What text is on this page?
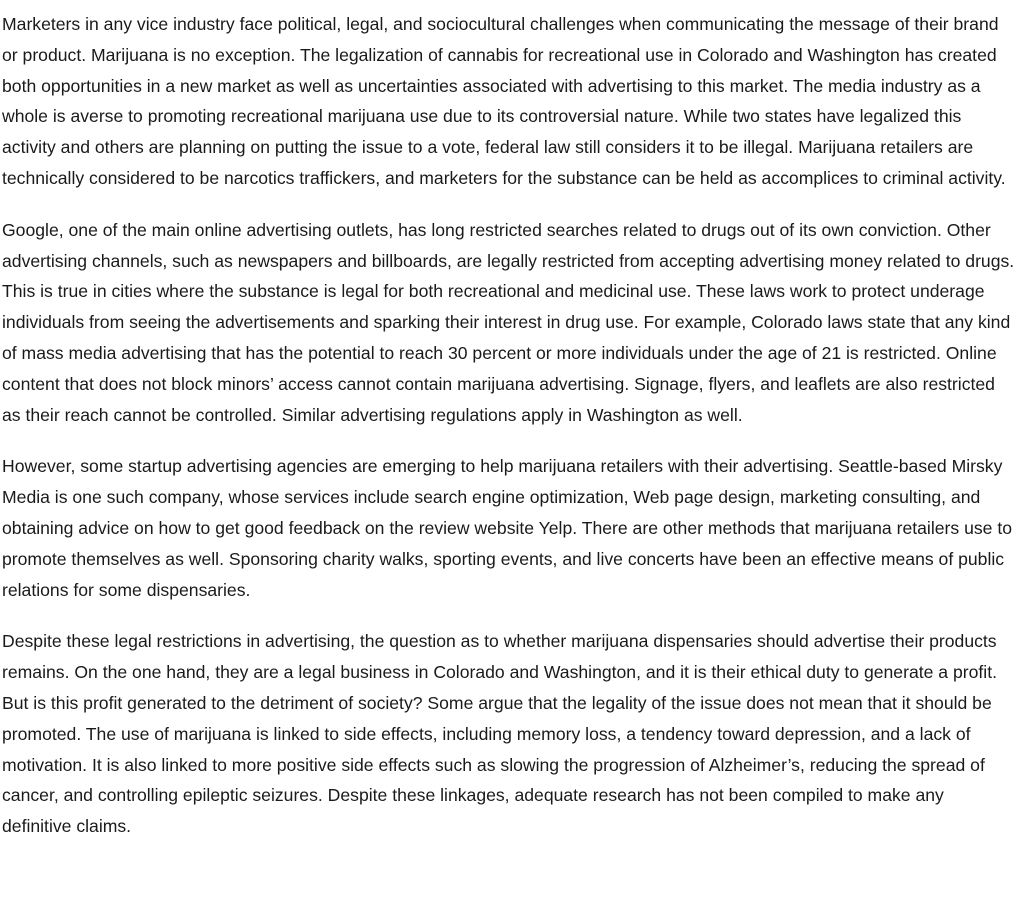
Marketers in any vice industry face political, legal, and sociocultural challenges when communicating the message of their brand or product. Marijuana is no exception. The legalization of cannabis for recreational use in Colorado and Washington has created both opportunities in a new market as well as uncertainties associated with advertising to this market. The media industry as a whole is averse to promoting recreational marijuana use due to its controversial nature. While two states have legalized this activity and others are planning on putting the issue to a vote, federal law still considers it to be illegal. Marijuana retailers are technically considered to be narcotics traffickers, and marketers for the substance can be held as accomplices to criminal activity.

Google, one of the main online advertising outlets, has long restricted searches related to drugs out of its own conviction. Other advertising channels, such as newspapers and billboards, are legally restricted from accepting advertising money related to drugs. This is true in cities where the substance is legal for both recreational and medicinal use. These laws work to protect underage individuals from seeing the advertisements and sparking their interest in drug use. For example, Colorado laws state that any kind of mass media advertising that has the potential to reach 30 percent or more individuals under the age of 21 is restricted. Online content that does not block minors’ access cannot contain marijuana advertising. Signage, flyers, and leaflets are also restricted as their reach cannot be controlled. Similar advertising regulations apply in Washington as well.

However, some startup advertising agencies are emerging to help marijuana retailers with their advertising. Seattle-based Mirsky Media is one such company, whose services include search engine optimization, Web page design, marketing consulting, and obtaining advice on how to get good feedback on the review website Yelp. There are other methods that marijuana retailers use to promote themselves as well. Sponsoring charity walks, sporting events, and live concerts have been an effective means of public relations for some dispensaries.

Despite these legal restrictions in advertising, the question as to whether marijuana dispensaries should advertise their products remains. On the one hand, they are a legal business in Colorado and Washington, and it is their ethical duty to generate a profit. But is this profit generated to the detriment of society? Some argue that the legality of the issue does not mean that it should be promoted. The use of marijuana is linked to side effects, including memory loss, a tendency toward depression, and a lack of motivation. It is also linked to more positive side effects such as slowing the progression of Alzheimer’s, reducing the spread of cancer, and controlling epileptic seizures. Despite these linkages, adequate research has not been compiled to make any definitive claims.
